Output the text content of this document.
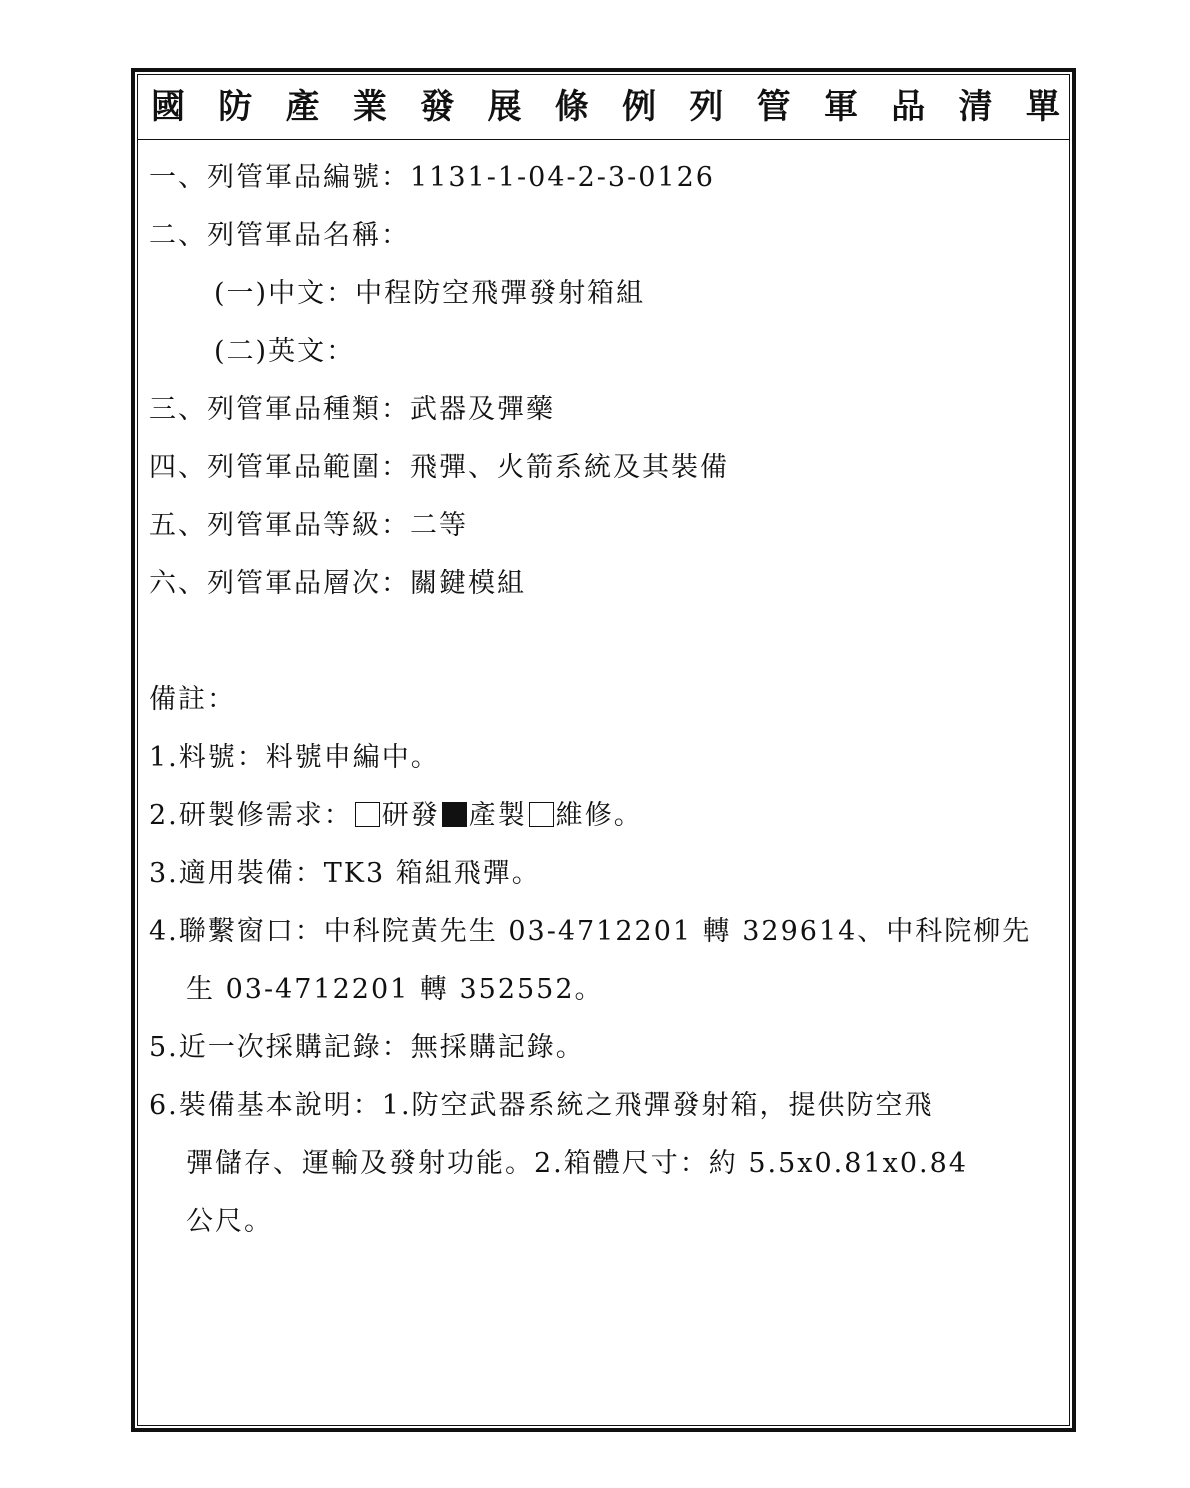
國 防 產 業 發 展 條 例 列 管 軍 品 清 單
一、列管軍品編號：1131-1-04-2-3-0126
二、列管軍品名稱：
(一)中文：中程防空飛彈發射箱組
(二)英文：
三、列管軍品種類：武器及彈藥
四、列管軍品範圍：飛彈、火箭系統及其裝備
五、列管軍品等級：二等
六、列管軍品層次：關鍵模組
備註：
1.料號：料號申編中。
2.研製修需求： 研發 產製 維修。
3.適用裝備：TK3 箱組飛彈。
4.聯繫窗口：中科院黃先生 03-4712201 轉 329614、中科院柳先
生 03-4712201 轉 352552。
5.近一次採購記錄：無採購記錄。
6.裝備基本說明：1.防空武器系統之飛彈發射箱，提供防空飛
彈儲存、運輸及發射功能。2.箱體尺寸：約 5.5x0.81x0.84
公尺。
